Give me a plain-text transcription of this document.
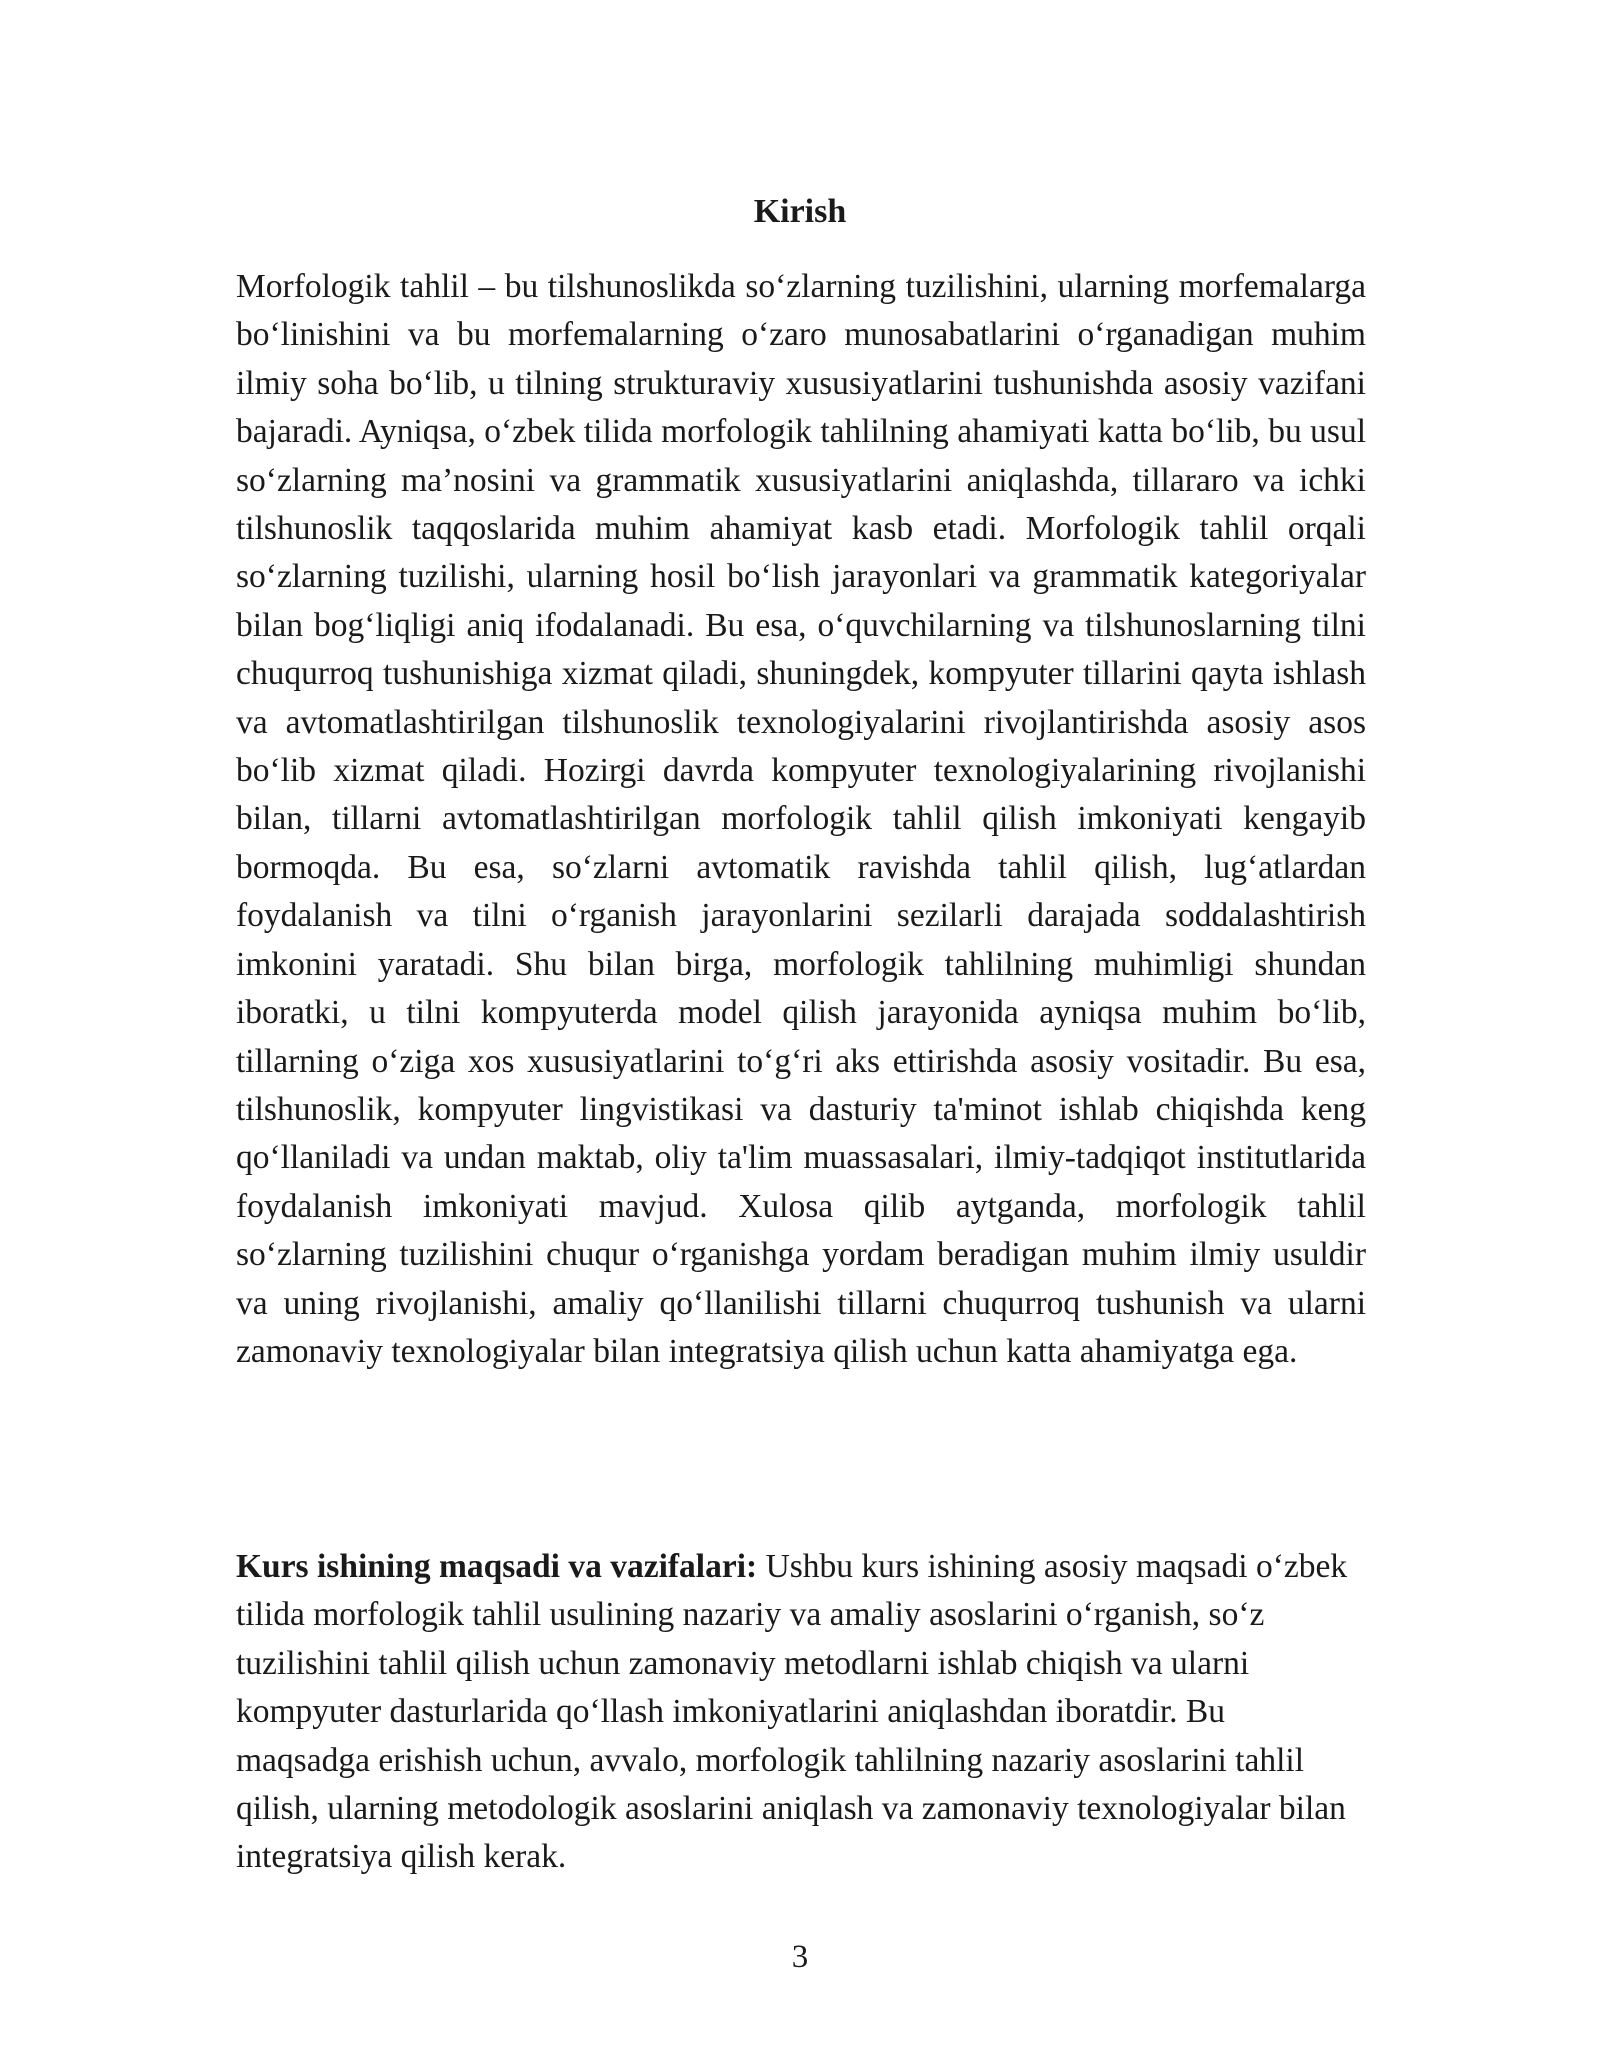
Kirish

Morfologik tahlil – bu tilshunoslikda so‘zlarning tuzilishini, ularning morfemalarga bo‘linishini va bu morfemalarning o‘zaro munosabatlarini o‘rganadigan muhim ilmiy soha bo‘lib, u tilning strukturaviy xususiyatlarini tushunishda asosiy vazifani bajaradi. Ayniqsa, o‘zbek tilida morfologik tahlilning ahamiyati katta bo‘lib, bu usul so‘zlarning ma’nosini va grammatik xususiyatlarini aniqlashda, tillararo va ichki tilshunoslik taqqoslarida muhim ahamiyat kasb etadi. Morfologik tahlil orqali so‘zlarning tuzilishi, ularning hosil bo‘lish jarayonlari va grammatik kategoriyalar bilan bog‘liqligi aniq ifodalanadi. Bu esa, o‘quvchilarning va tilshunoslarning tilni chuqurroq tushunishiga xizmat qiladi, shuningdek, kompyuter tillarini qayta ishlash va avtomatlashtirilgan tilshunoslik texnologiyalarini rivojlantirishda asosiy asos bo‘lib xizmat qiladi. Hozirgi davrda kompyuter texnologiyalarining rivojlanishi bilan, tillarni avtomatlashtirilgan morfologik tahlil qilish imkoniyati kengayib bormoqda. Bu esa, so‘zlarni avtomatik ravishda tahlil qilish, lug‘atlardan foydalanish va tilni o‘rganish jarayonlarini sezilarli darajada soddalashtirish imkonini yaratadi. Shu bilan birga, morfologik tahlilning muhimligi shundan iboratki, u tilni kompyuterda model qilish jarayonida ayniqsa muhim bo‘lib, tillarning o‘ziga xos xususiyatlarini to‘g‘ri aks ettirishda asosiy vositadir. Bu esa, tilshunoslik, kompyuter lingvistikasi va dasturiy ta'minot ishlab chiqishda keng qo‘llaniladi va undan maktab, oliy ta'lim muassasalari, ilmiy-tadqiqot institutlarida foydalanish imkoniyati mavjud. Xulosa qilib aytganda, morfologik tahlil so‘zlarning tuzilishini chuqur o‘rganishga yordam beradigan muhim ilmiy usuldir va uning rivojlanishi, amaliy qo‘llanilishi tillarni chuqurroq tushunish va ularni zamonaviy texnologiyalar bilan integratsiya qilish uchun katta ahamiyatga ega.

Kurs ishining maqsadi va vazifalari: Ushbu kurs ishining asosiy maqsadi o‘zbek tilida morfologik tahlil usulining nazariy va amaliy asoslarini o‘rganish, so‘z tuzilishini tahlil qilish uchun zamonaviy metodlarni ishlab chiqish va ularni kompyuter dasturlarida qo‘llash imkoniyatlarini aniqlashdan iboratdir. Bu maqsadga erishish uchun, avvalo, morfologik tahlilning nazariy asoslarini tahlil qilish, ularning metodologik asoslarini aniqlash va zamonaviy texnologiyalar bilan integratsiya qilish kerak.

3
